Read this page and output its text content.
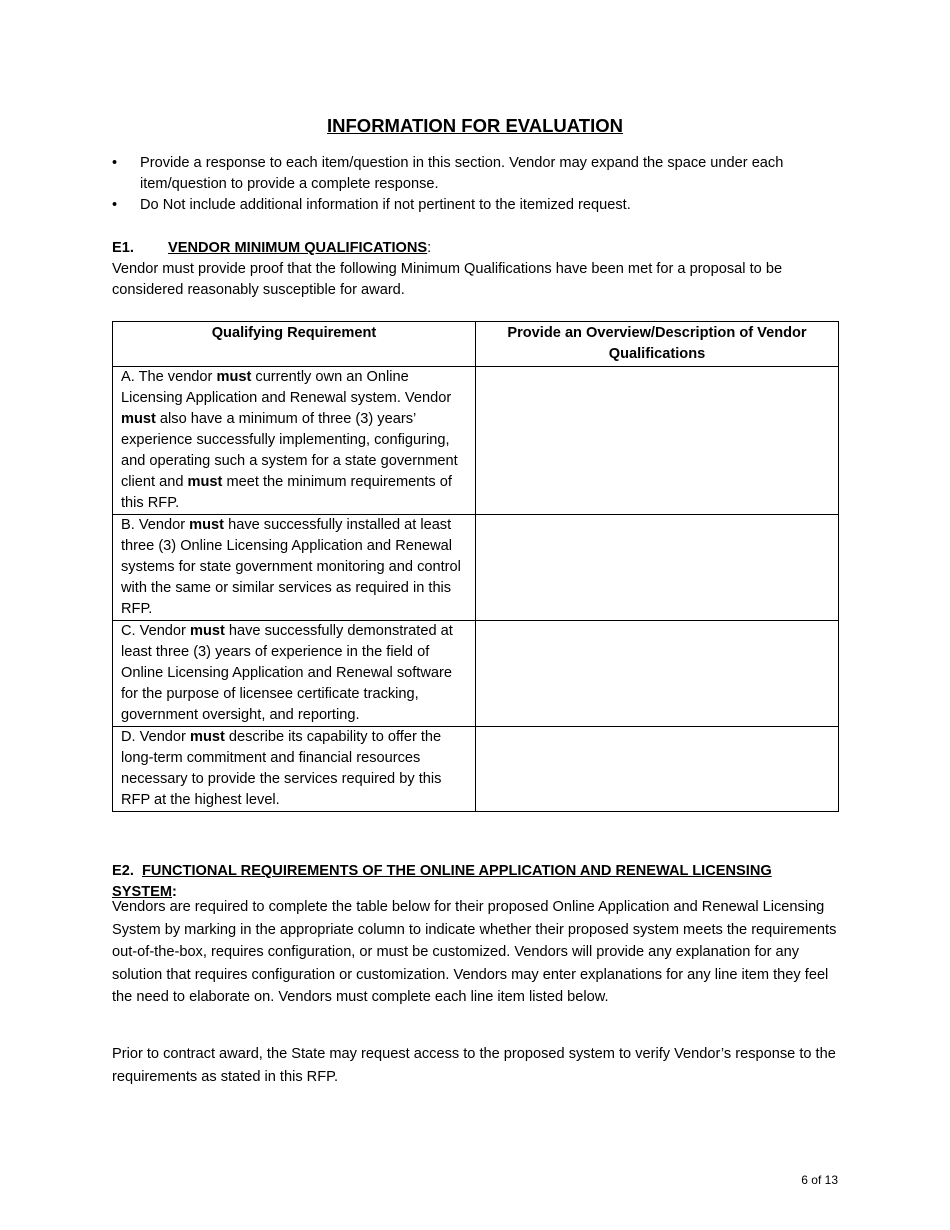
INFORMATION FOR EVALUATION
• Provide a response to each item/question in this section. Vendor may expand the space under each item/question to provide a complete response.
• Do Not include additional information if not pertinent to the itemized request.
E1. VENDOR MINIMUM QUALIFICATIONS:
Vendor must provide proof that the following Minimum Qualifications have been met for a proposal to be considered reasonably susceptible for award.
Qualifying Requirement	Provide an Overview/Description of Vendor Qualifications
A. The vendor must currently own an Online Licensing Application and Renewal system. Vendor must also have a minimum of three (3) years’ experience successfully implementing, configuring, and operating such a system for a state government client and must meet the minimum requirements of this RFP.	
B. Vendor must have successfully installed at least three (3) Online Licensing Application and Renewal systems for state government monitoring and control with the same or similar services as required in this RFP.	
C. Vendor must have successfully demonstrated at least three (3) years of experience in the field of Online Licensing Application and Renewal software for the purpose of licensee certificate tracking, government oversight, and reporting.	
D. Vendor must describe its capability to offer the long-term commitment and financial resources necessary to provide the services required by this RFP at the highest level.	
E2. FUNCTIONAL REQUIREMENTS OF THE ONLINE APPLICATION AND RENEWAL LICENSING SYSTEM:
Vendors are required to complete the table below for their proposed Online Application and Renewal Licensing System by marking in the appropriate column to indicate whether their proposed system meets the requirements out-of-the-box, requires configuration, or must be customized. Vendors will provide any explanation for any solution that requires configuration or customization. Vendors may enter explanations for any line item they feel the need to elaborate on. Vendors must complete each line item listed below.
Prior to contract award, the State may request access to the proposed system to verify Vendor’s response to the requirements as stated in this RFP.
6 of 13
